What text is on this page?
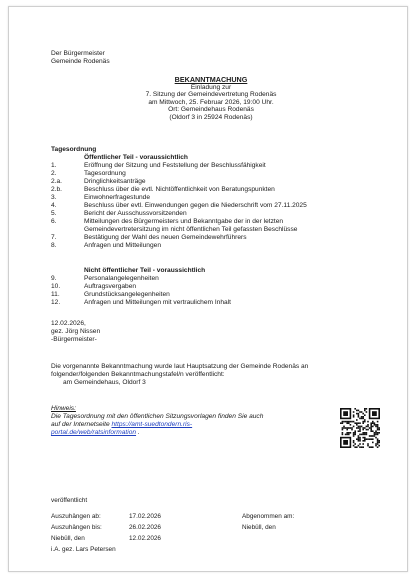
Der Bürgermeister
Gemeinde Rodenäs
BEKANNTMACHUNG
Einladung zur
7. Sitzung der Gemeindevertretung Rodenäs
am Mittwoch, 25. Februar 2026, 19:00 Uhr.
Ort: Gemeindehaus Rodenäs
(Oldorf 3 in 25924 Rodenäs)
Tagesordnung
Öffentlicher Teil - voraussichtlich
1.	Eröffnung der Sitzung und Feststellung der Beschlussfähigkeit
2.	Tagesordnung
2.a.	Dringlichkeitsanträge
2.b.	Beschluss über die evtl. Nichtöffentlichkeit von Beratungspunkten
3.	Einwohnerfragestunde
4.	Beschluss über evtl. Einwendungen gegen die Niederschrift vom 27.11.2025
5.	Bericht der Ausschussvorsitzenden
6.	Mitteilungen des Bürgermeisters und Bekanntgabe der in der letzten
Gemeindevertretersitzung im nicht öffentlichen Teil gefassten Beschlüsse
7.	Bestätigung der Wahl des neuen Gemeindewehrführers
8.	Anfragen und Mitteilungen
Nicht öffentlicher Teil - voraussichtlich
9.	Personalangelegenheiten
10.	Auftragsvergaben
11.	Grundstücksangelegenheiten
12.	Anfragen und Mitteilungen mit vertraulichem Inhalt
12.02.2026,
gez. Jörg Nissen
-Bürgermeister-
Die vorgenannte Bekanntmachung wurde laut Hauptsatzung der Gemeinde Rodenäs an
folgender/folgenden Bekanntmachungstafel/n veröffentlicht:
am Gemeindehaus, Oldorf 3
Hinweis:
Die Tagesordnung mit den öffentlichen Sitzungsvorlagen finden Sie auch
auf der Internetseite https://amt-suedtondern.ris-
portal.de/web/ratsinformation .
veröffentlicht
Auszuhängen ab:	17.02.2026	Abgenommen am:
Auszuhängen bis:	26.02.2026	Niebüll, den
Niebüll, den	12.02.2026
i.A. gez. Lars Petersen
